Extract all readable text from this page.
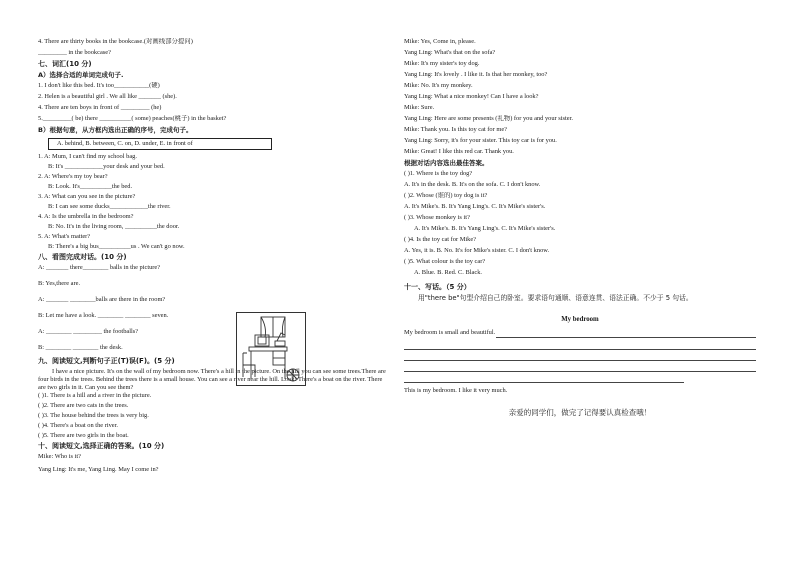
4. There are thirty books in the bookcase.(对画线部分提问)
_________ in the bookcase?
七、词汇(10 分)
A）选择合适的单词完成句子.
1. I don't like this bed. It's too___________(硬)
2. Helen is a beautiful girl . We all like _______ (she).
4. There are ten boys in front of _________ (he)
5._________( be) there __________( some) peaches(桃子) in the basket?
B）根据句意，从方框内选出正确的序号，完成句子。
A. behind, B. between, C. on, D. under, E. in front of
1. A: Mum, I can't find my school bag.
B: It's ____________your desk and your bed.
2. A: Where's my toy bear?
B: Look. It's__________the bed.
3. A: What can you see in the picture?
B: I can see some ducks____________the river.
4. A: Is the umbrella in the bedroom?
B: No. It's in the living room, __________the door.
5. A: What's matter?
B: There's a big bus__________us . We can't go now.
八、看图完成对话。(10 分)
A: _______ there________ balls in the picture?
B: Yes,there are.
A: _______ ________balls are there in the room?
B: Let me have a look. ________ ________ seven.
A: ________ _________ the footballs?
B: ________ ________ the desk.
九、阅读短文,判断句子正(T)误(F)。(5 分)
I have a nice picture. It's on the wall of my bedroom now. There's a hill in the picture. On the hill you can see some trees.There are four birds in the trees. Behind the trees there is a small house. You can see a river near the hill. Look! There's a boat on the river. There are two girls in it. Can you see them?
( )1. There is a hill and a river in the picture.
( )2. There are two cats in the trees.
( )3. The house behind the trees is very big.
( )4. There's a boat on the river.
( )5. There are two girls in the boat.
十、阅读短文,选择正确的答案。(10 分)
Mike: Who is it?
Yang Ling: It's me, Yang Ling. May I come in?
Mike: Yes, Come in, please.
Yang Ling: What's that on the sofa?
Mike: It's my sister's toy dog.
Yang Ling: It's lovely . I like it. Is that her monkey, too?
Mike: No. It's my monkey.
Yang Ling: What a nice monkey! Can I have a look?
Mike: Sure.
Yang Ling: Here are some presents (礼物) for you and your sister.
Mike: Thank you. Is this toy cat for me?
Yang Ling: Sorry, it's for your sister. This toy car is for you.
Mike: Great! I like this red car. Thank you.
根据对话内容选出最佳答案。
( )1. Where is the toy dog?
A. It's in the desk. B. It's on the sofa. C. I don't know.
( )2. Whose (谁的) toy dog is it?
A. It's Mike's. B. It's Yang Ling's. C. It's Mike's sister's.
( )3. Whose monkey is it?
A. It's Mike's. B. It's Yang Ling's. C. It's Mike's sister's.
( )4. Is the toy cat for Mike?
A. Yes, it is. B. No. It's for Mike's sister. C. I don't know.
( )5. What colour is the toy car?
A. Blue. B. Red. C. Black.
十一、写话。（5 分）
用"there be"句型介绍自己的卧室。要求语句通顺、语意连贯、语法正确。不少于 5 句话。
My bedroom
My bedroom is small and beautiful.
This is my bedroom. I like it very much.
亲爱的同学们，做完了记得要认真检查哦！
